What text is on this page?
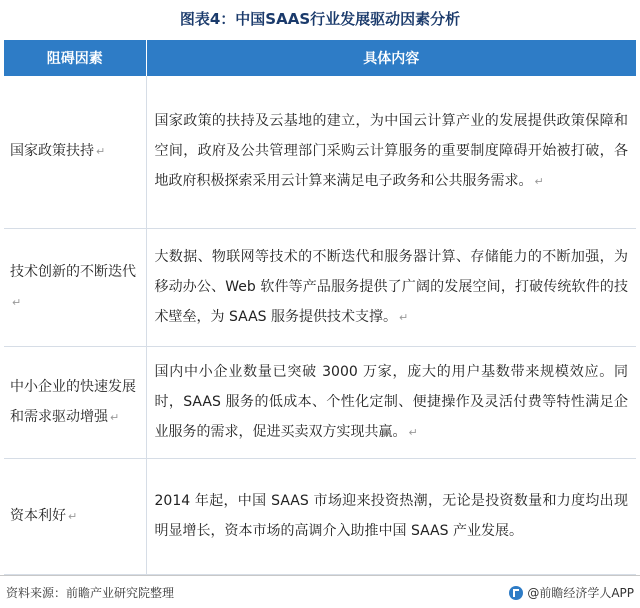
图表4：中国SAAS行业发展驱动因素分析
阻碍因素	具体内容
国家政策扶持 ↵	国家政策的扶持及云基地的建立，为中国云计算产业的发展提供政策保障和空间，政府及公共管理部门采购云计算服务的重要制度障碍开始被打破，各地政府积极探索采用云计算来满足电子政务和公共服务需求。 ↵
技术创新的不断迭代↵	大数据、物联网等技术的不断迭代和服务器计算、存储能力的不断加强，为移动办公、Web 软件等产品服务提供了广阔的发展空间，打破传统软件的技术壁垒，为 SAAS 服务提供技术支撑。 ↵
中小企业的快速发展和需求驱动增强 ↵	国内中小企业数量已突破 3000 万家，庞大的用户基数带来规模效应。同时，SAAS 服务的低成本、个性化定制、便捷操作及灵活付费等特性满足企业服务的需求，促进买卖双方实现共赢。 ↵
资本利好 ↵	2014 年起，中国 SAAS 市场迎来投资热潮，无论是投资数量和力度均出现明显增长，资本市场的高调介入助推中国 SAAS 产业发展。
资料来源：前瞻产业研究院整理	@前瞻经济学人APP
